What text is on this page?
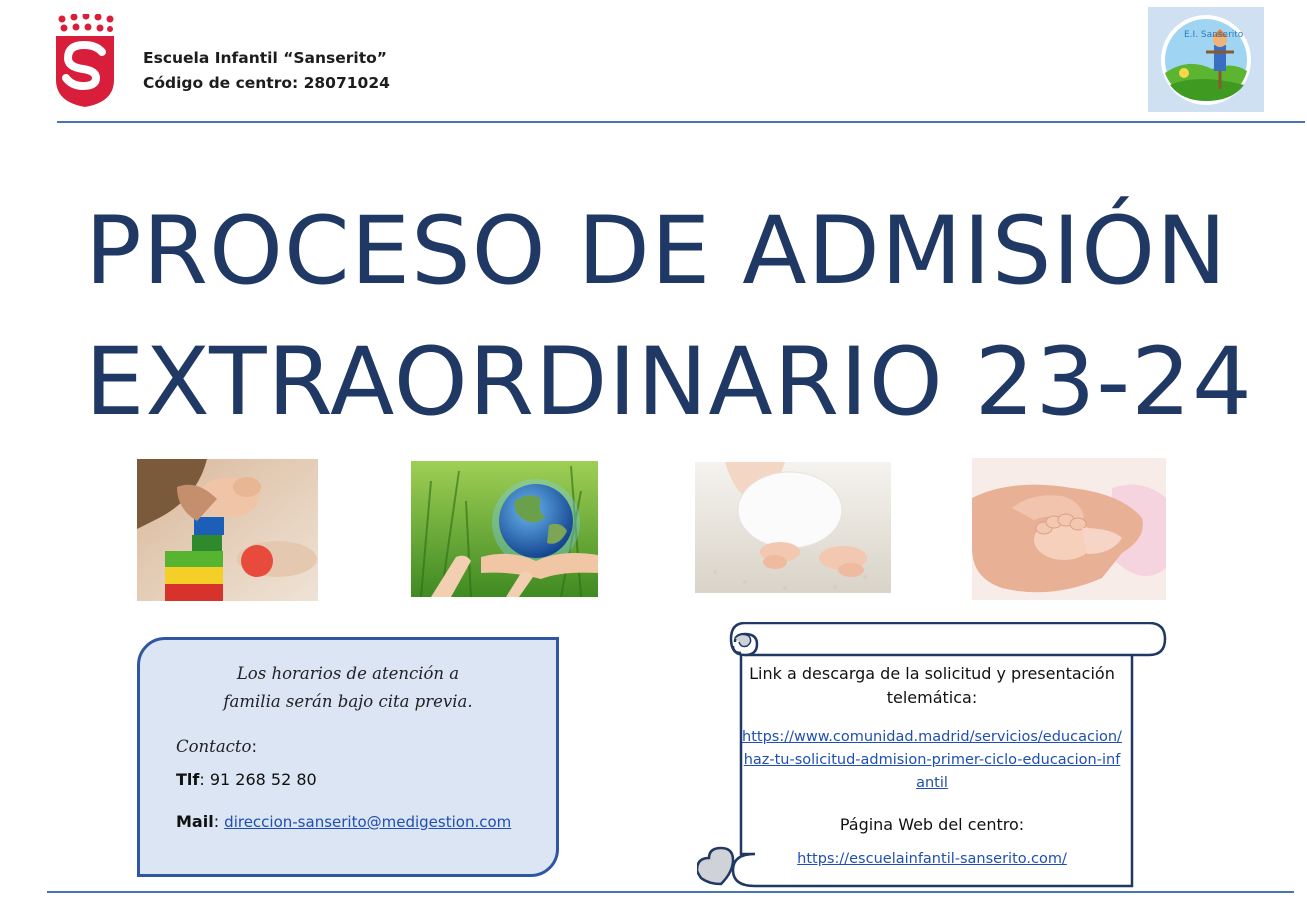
Escuela Infantil “Sanserito”
Código de centro: 28071024
E.I. Sanserito
PROCESO DE ADMISIÓN
EXTRAORDINARIO 23-24
Los horarios de atención a
familia serán bajo cita previa.
Contacto:
Tlf: 91 268 52 80
Mail: direccion-sanserito@medigestion.com

Link a descarga de la solicitud y presentación telemática:

https://www.comunidad.madrid/servicios/educacion/haz-tu-solicitud-admision-primer-ciclo-educacion-infantil

Página Web del centro:

https://escuelainfantil-sanserito.com/
